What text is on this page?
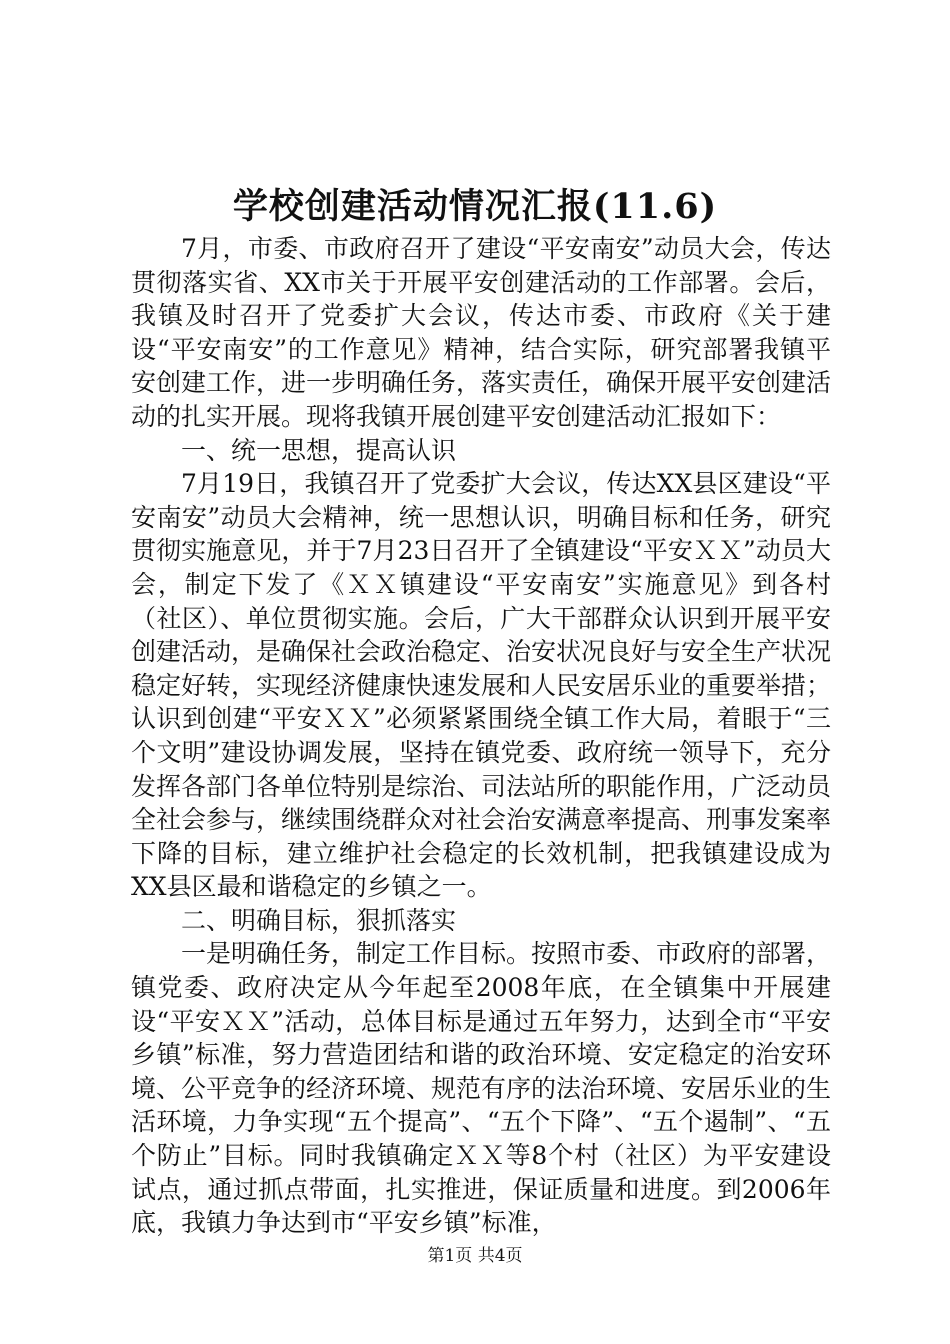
学校创建活动情况汇报(11.6)

7月，市委、市政府召开了建设“平安南安”动员大会，传达贯彻落实省、XX市关于开展平安创建活动的工作部署。会后，我镇及时召开了党委扩大会议，传达市委、市政府《关于建设“平安南安”的工作意见》精神，结合实际，研究部署我镇平安创建工作，进一步明确任务，落实责任，确保开展平安创建活动的扎实开展。现将我镇开展创建平安创建活动汇报如下：

一、统一思想，提高认识

7月19日，我镇召开了党委扩大会议，传达XX县区建设“平安南安”动员大会精神，统一思想认识，明确目标和任务，研究贯彻实施意见，并于7月23日召开了全镇建设“平安ＸＸ”动员大会，制定下发了《ＸＸ镇建设“平安南安”实施意见》到各村（社区）、单位贯彻实施。会后，广大干部群众认识到开展平安创建活动，是确保社会政治稳定、治安状况良好与安全生产状况稳定好转，实现经济健康快速发展和人民安居乐业的重要举措；认识到创建“平安ＸＸ”必须紧紧围绕全镇工作大局，着眼于“三个文明”建设协调发展，坚持在镇党委、政府统一领导下，充分发挥各部门各单位特别是综治、司法站所的职能作用，广泛动员全社会参与，继续围绕群众对社会治安满意率提高、刑事发案率下降的目标，建立维护社会稳定的长效机制，把我镇建设成为XX县区最和谐稳定的乡镇之一。

二、明确目标，狠抓落实

一是明确任务，制定工作目标。按照市委、市政府的部署，镇党委、政府决定从今年起至2008年底，在全镇集中开展建设“平安ＸＸ”活动，总体目标是通过五年努力，达到全市“平安乡镇”标准，努力营造团结和谐的政治环境、安定稳定的治安环境、公平竞争的经济环境、规范有序的法治环境、安居乐业的生活环境，力争实现“五个提高”、“五个下降”、“五个遏制”、“五个防止”目标。同时我镇确定ＸＸ等8个村（社区）为平安建设试点，通过抓点带面，扎实推进，保证质量和进度。到2006年底，我镇力争达到市“平安乡镇”标准，

第1页 共4页
